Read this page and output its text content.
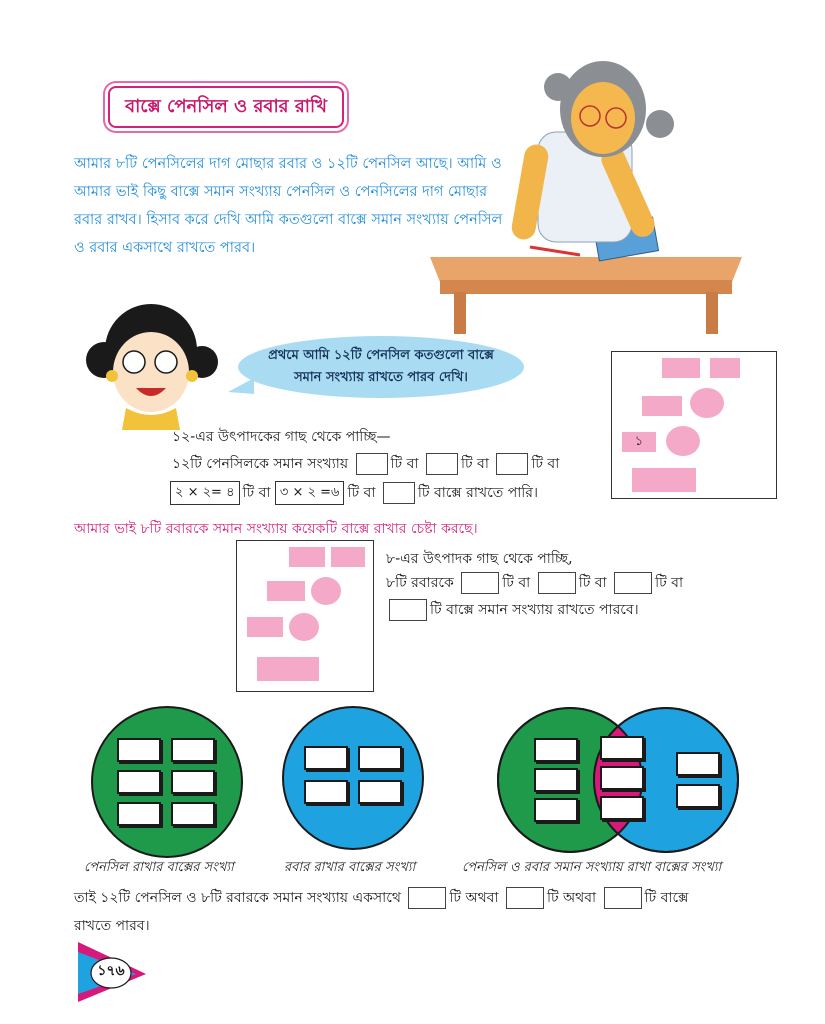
বাক্সে পেনসিল ও রবার রাখি
আমার ৮টি পেনসিলের দাগ মোছার রবার ও ১২টি পেনসিল আছে। আমি ও আমার ভাই কিছু বাক্সে সমান সংখ্যায় পেনসিল ও পেনসিলের দাগ মোছার রবার রাখব। হিসাব করে দেখি আমি কতগুলো বাক্সে সমান সংখ্যায় পেনসিল ও রবার একসাথে রাখতে পারব।
প্রথমে আমি ১২টি পেনসিল কতগুলো বাক্সে
সমান সংখ্যায় রাখতে পারব দেখি।
১
১২-এর উৎপাদকের গাছ থেকে পাচ্ছি—
১২টি পেনসিলকে সমান সংখ্যায়	টি বা	টি বা	টি বা
২ × ২= ৪ টি বা ৩ × ২ =৬ টি বা	টি বাক্সে রাখতে পারি।
আমার ভাই ৮টি রবারকে সমান সংখ্যায় কয়েকটি বাক্সে রাখার চেষ্টা করছে।
৮-এর উৎপাদক গাছ থেকে পাচ্ছি,
৮টি রবারকে	টি বা	টি বা	টি বা
টি বাক্সে সমান সংখ্যায় রাখতে পারবে।
পেনসিল রাখার বাক্সের সংখ্যা	রবার রাখার বাক্সের সংখ্যা	পেনসিল ও রবার সমান সংখ্যায় রাখা বাক্সের সংখ্যা
তাই ১২টি পেনসিল ও ৮টি রবারকে সমান সংখ্যায় একসাথে	টি অথবা	টি অথবা	টি বাক্সে
রাখতে পারব।
১৭৬
